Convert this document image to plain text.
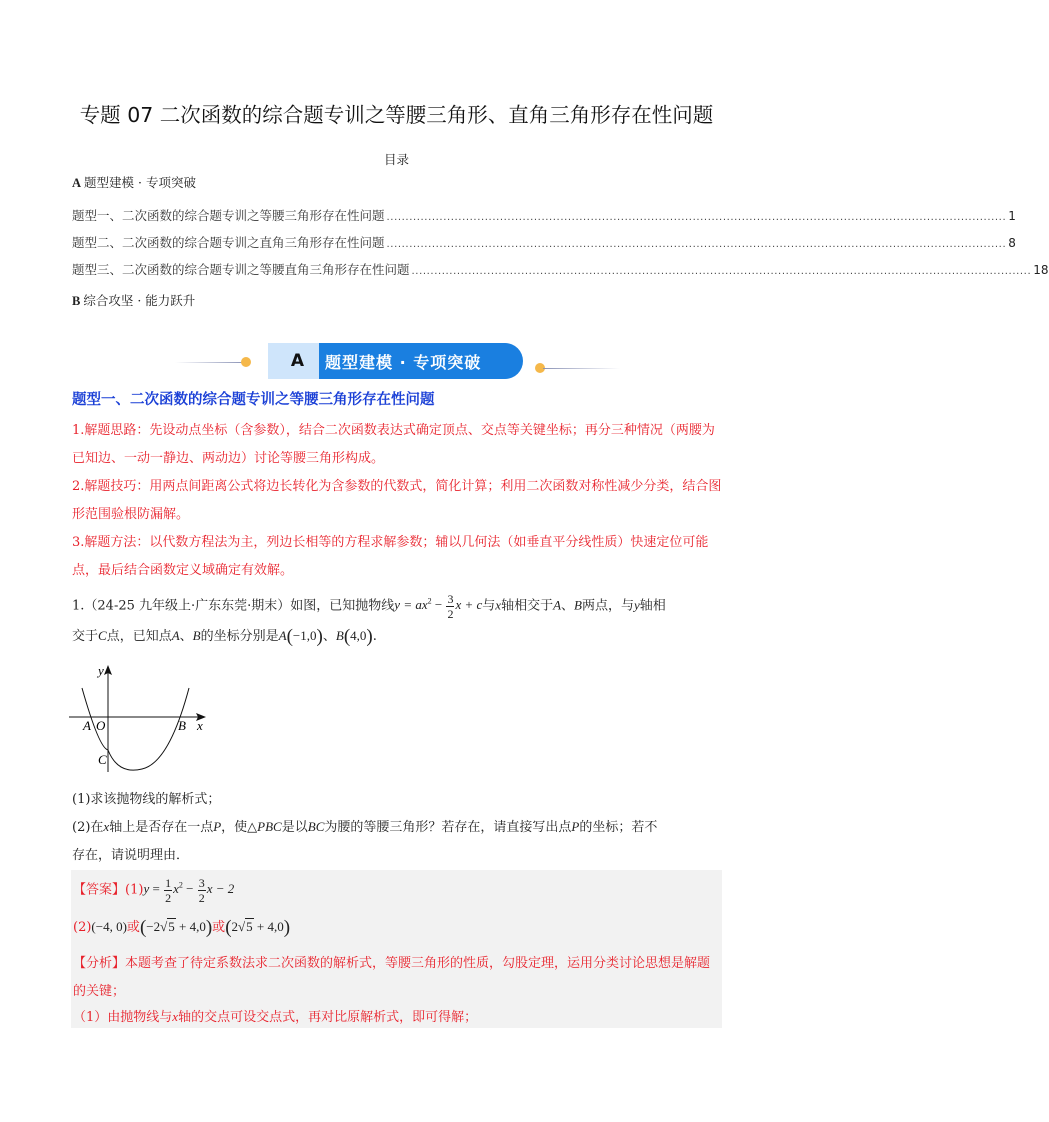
专题 07 二次函数的综合题专训之等腰三角形、直角三角形存在性问题
目录
A 题型建模 · 专项突破
题型一、二次函数的综合题专训之等腰三角形存在性问题 .................................................................................................................................................................... 1
题型二、二次函数的综合题专训之直角三角形存在性问题 .................................................................................................................................................................... 8
题型三、二次函数的综合题专训之等腰直角三角形存在性问题 .................................................................................................................................................................... 18
B 综合攻坚 · 能力跃升
A	题型建模 · 专项突破
题型一、二次函数的综合题专训之等腰三角形存在性问题
1.解题思路：先设动点坐标（含参数），结合二次函数表达式确定顶点、交点等关键坐标；再分三种情况（两腰为已知边、一动一静边、两动边）讨论等腰三角形构成。
2.解题技巧：用两点间距离公式将边长转化为含参数的代数式，简化计算；利用二次函数对称性减少分类，结合图形范围验根防漏解。
3.解题方法：以代数方程法为主，列边长相等的方程求解参数；辅以几何法（如垂直平分线性质）快速定位可能点，最后结合函数定义域确定有效解。
1.（24-25 九年级上·广东东莞·期末）如图，已知抛物线$y = ax^2 - \frac{3}{2}$ x + c与x轴相交于A、B两点，与y轴相
交于C点，已知点A、B的坐标分别是A(−1,0)、B(4,0).
y
x
A O	B
C
(1)求该抛物线的解析式；
(2)在x轴上是否存在一点P，使△PBC是以BC为腰的等腰三角形？若存在，请直接写出点P的坐标；若不
存在，请说明理由．
【答案】$(1)y = \frac{1}{2} x^2 - \frac{3}{2}$ x − 2
(2)(−4, 0)或(−2√5 + 4,0)或(2√5 + 4,0)
【分析】本题考查了待定系数法求二次函数的解析式，等腰三角形的性质，勾股定理，运用分类讨论思想是解题的关键；
（1）由抛物线与x轴的交点可设交点式，再对比原解析式，即可得解；
